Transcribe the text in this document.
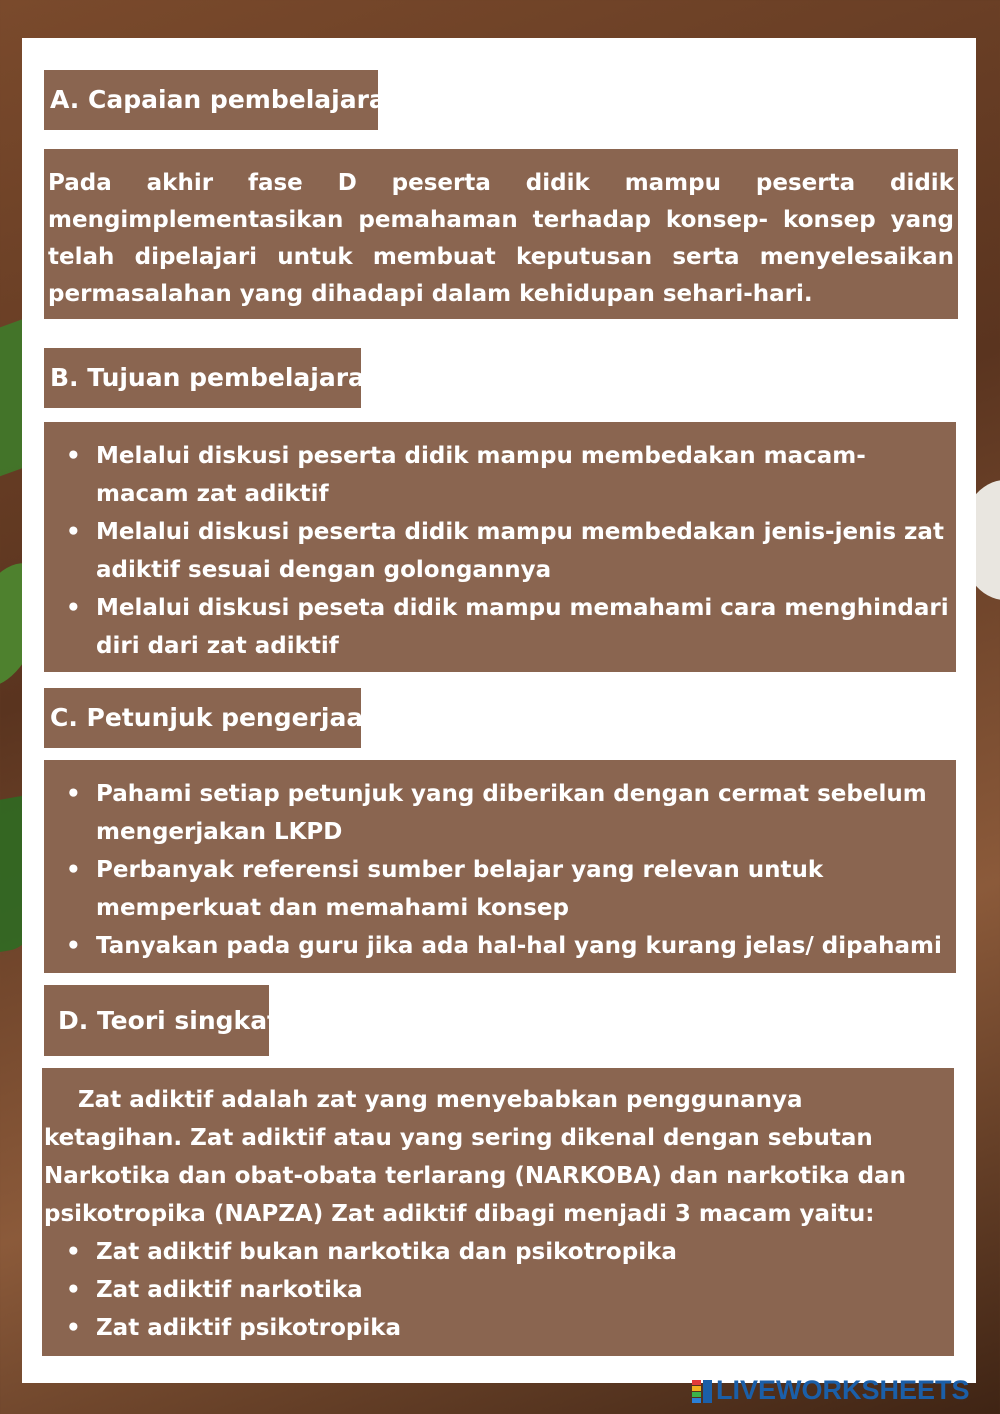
A. Capaian pembelajaran
Pada akhir fase D peserta didik mampu peserta didik mengimplementasikan pemahaman terhadap konsep- konsep yang telah dipelajari untuk membuat keputusan serta menyelesaikan permasalahan yang dihadapi dalam kehidupan sehari-hari.
B. Tujuan pembelajaran
• Melalui diskusi peserta didik mampu membedakan macam-macam zat adiktif
• Melalui diskusi peserta didik mampu membedakan jenis-jenis zat adiktif sesuai dengan golongannya
• Melalui diskusi peseta didik mampu memahami cara menghindari diri dari zat adiktif
C. Petunjuk pengerjaan
• Pahami setiap petunjuk yang diberikan dengan cermat sebelum mengerjakan LKPD
• Perbanyak referensi sumber belajar yang relevan untuk memperkuat dan memahami konsep
• Tanyakan pada guru jika ada hal-hal yang kurang jelas/ dipahami
D. Teori singkat

Zat adiktif adalah zat yang menyebabkan penggunanya ketagihan. Zat adiktif atau yang sering dikenal dengan sebutan Narkotika dan obat-obata terlarang (NARKOBA) dan narkotika dan psikotropika (NAPZA) Zat adiktif dibagi menjadi 3 macam yaitu:

• Zat adiktif bukan narkotika dan psikotropika
• Zat adiktif narkotika
• Zat adiktif psikotropika
LIVEWORKSHEETS
